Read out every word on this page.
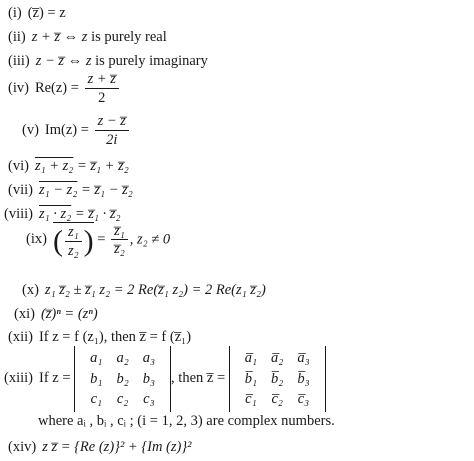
(i) (z̅) = z
(ii) z + z̅ ⇔ z is purely real
(iii) z − z̅ ⇔ z is purely imaginary
(iv) $Re(z) = \frac{z + z̅}{2}$
(v) $Im(z) = \frac{z - z̅}{2i}$
(vi) z₁ + z₂ = z̅₁ + z̅₂
(vii) z₁ − z₂ = z̅₁ − z̅₂
(viii) z₁ · z₂ = z̅₁ · z̅₂
(ix) ( $\frac{\text{z₁}}{\text{z₂}}$ ) = $\frac{\text{z̅₁}}{\text{z̅₂}}$ , z₂ ≠ 0
(x) z₁ z̅₂ ± z̅₁ z₂ = 2 Re(z̅₁ z₂) = 2 Re(z₁ z̅₂)
(xi) (z̅)ⁿ = (zⁿ)
(xii) If z = f (z₁), then z̅ = f (z̅₁)
(xiii) If z =
a₁	a₂	a₃
b₁	b₂	b₃
c₁	c₂	c₃
, then z̅ =
a̅₁	a̅₂	a̅₃
b̅₁	b̅₂	b̅₃
c̅₁	c̅₂	c̅₃
where aᵢ , bᵢ , cᵢ ; (i = 1, 2, 3) are complex numbers.
(xiv) z z̅ = {Re (z)}² + {Im (z)}²
